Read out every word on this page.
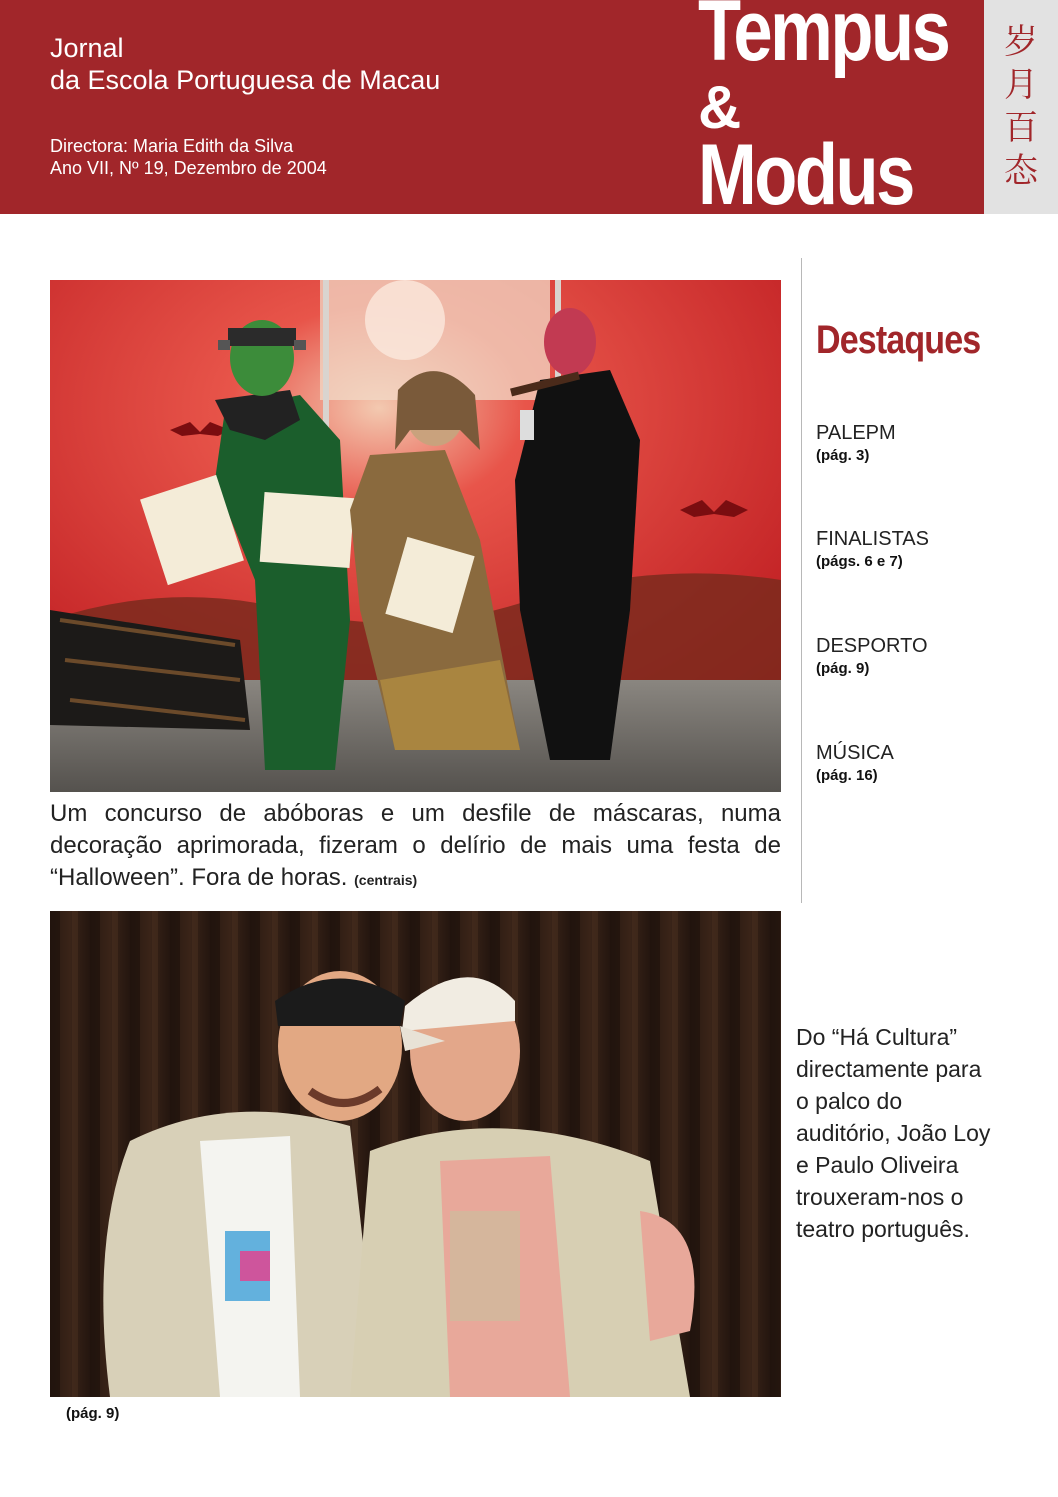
Jornal
da Escola Portuguesa de Macau
Directora: Maria Edith da Silva
Ano VII, Nº 19, Dezembro de 2004
Tempus
&
Modus
岁
月
百
态
Um concurso de abóboras e um desfile de máscaras, numa decoração aprimorada, fizeram o delírio de mais uma festa de “Halloween”. Fora de horas. (centrais)
Destaques
PALEPM
(pág. 3)
FINALISTAS
(págs. 6 e 7)
DESPORTO
(pág. 9)
MÚSICA
(pág. 16)
Do “Há Cultura” directamente para o palco do auditório, João Loy e Paulo Oliveira trouxeram-nos o teatro português.
(pág. 9)
